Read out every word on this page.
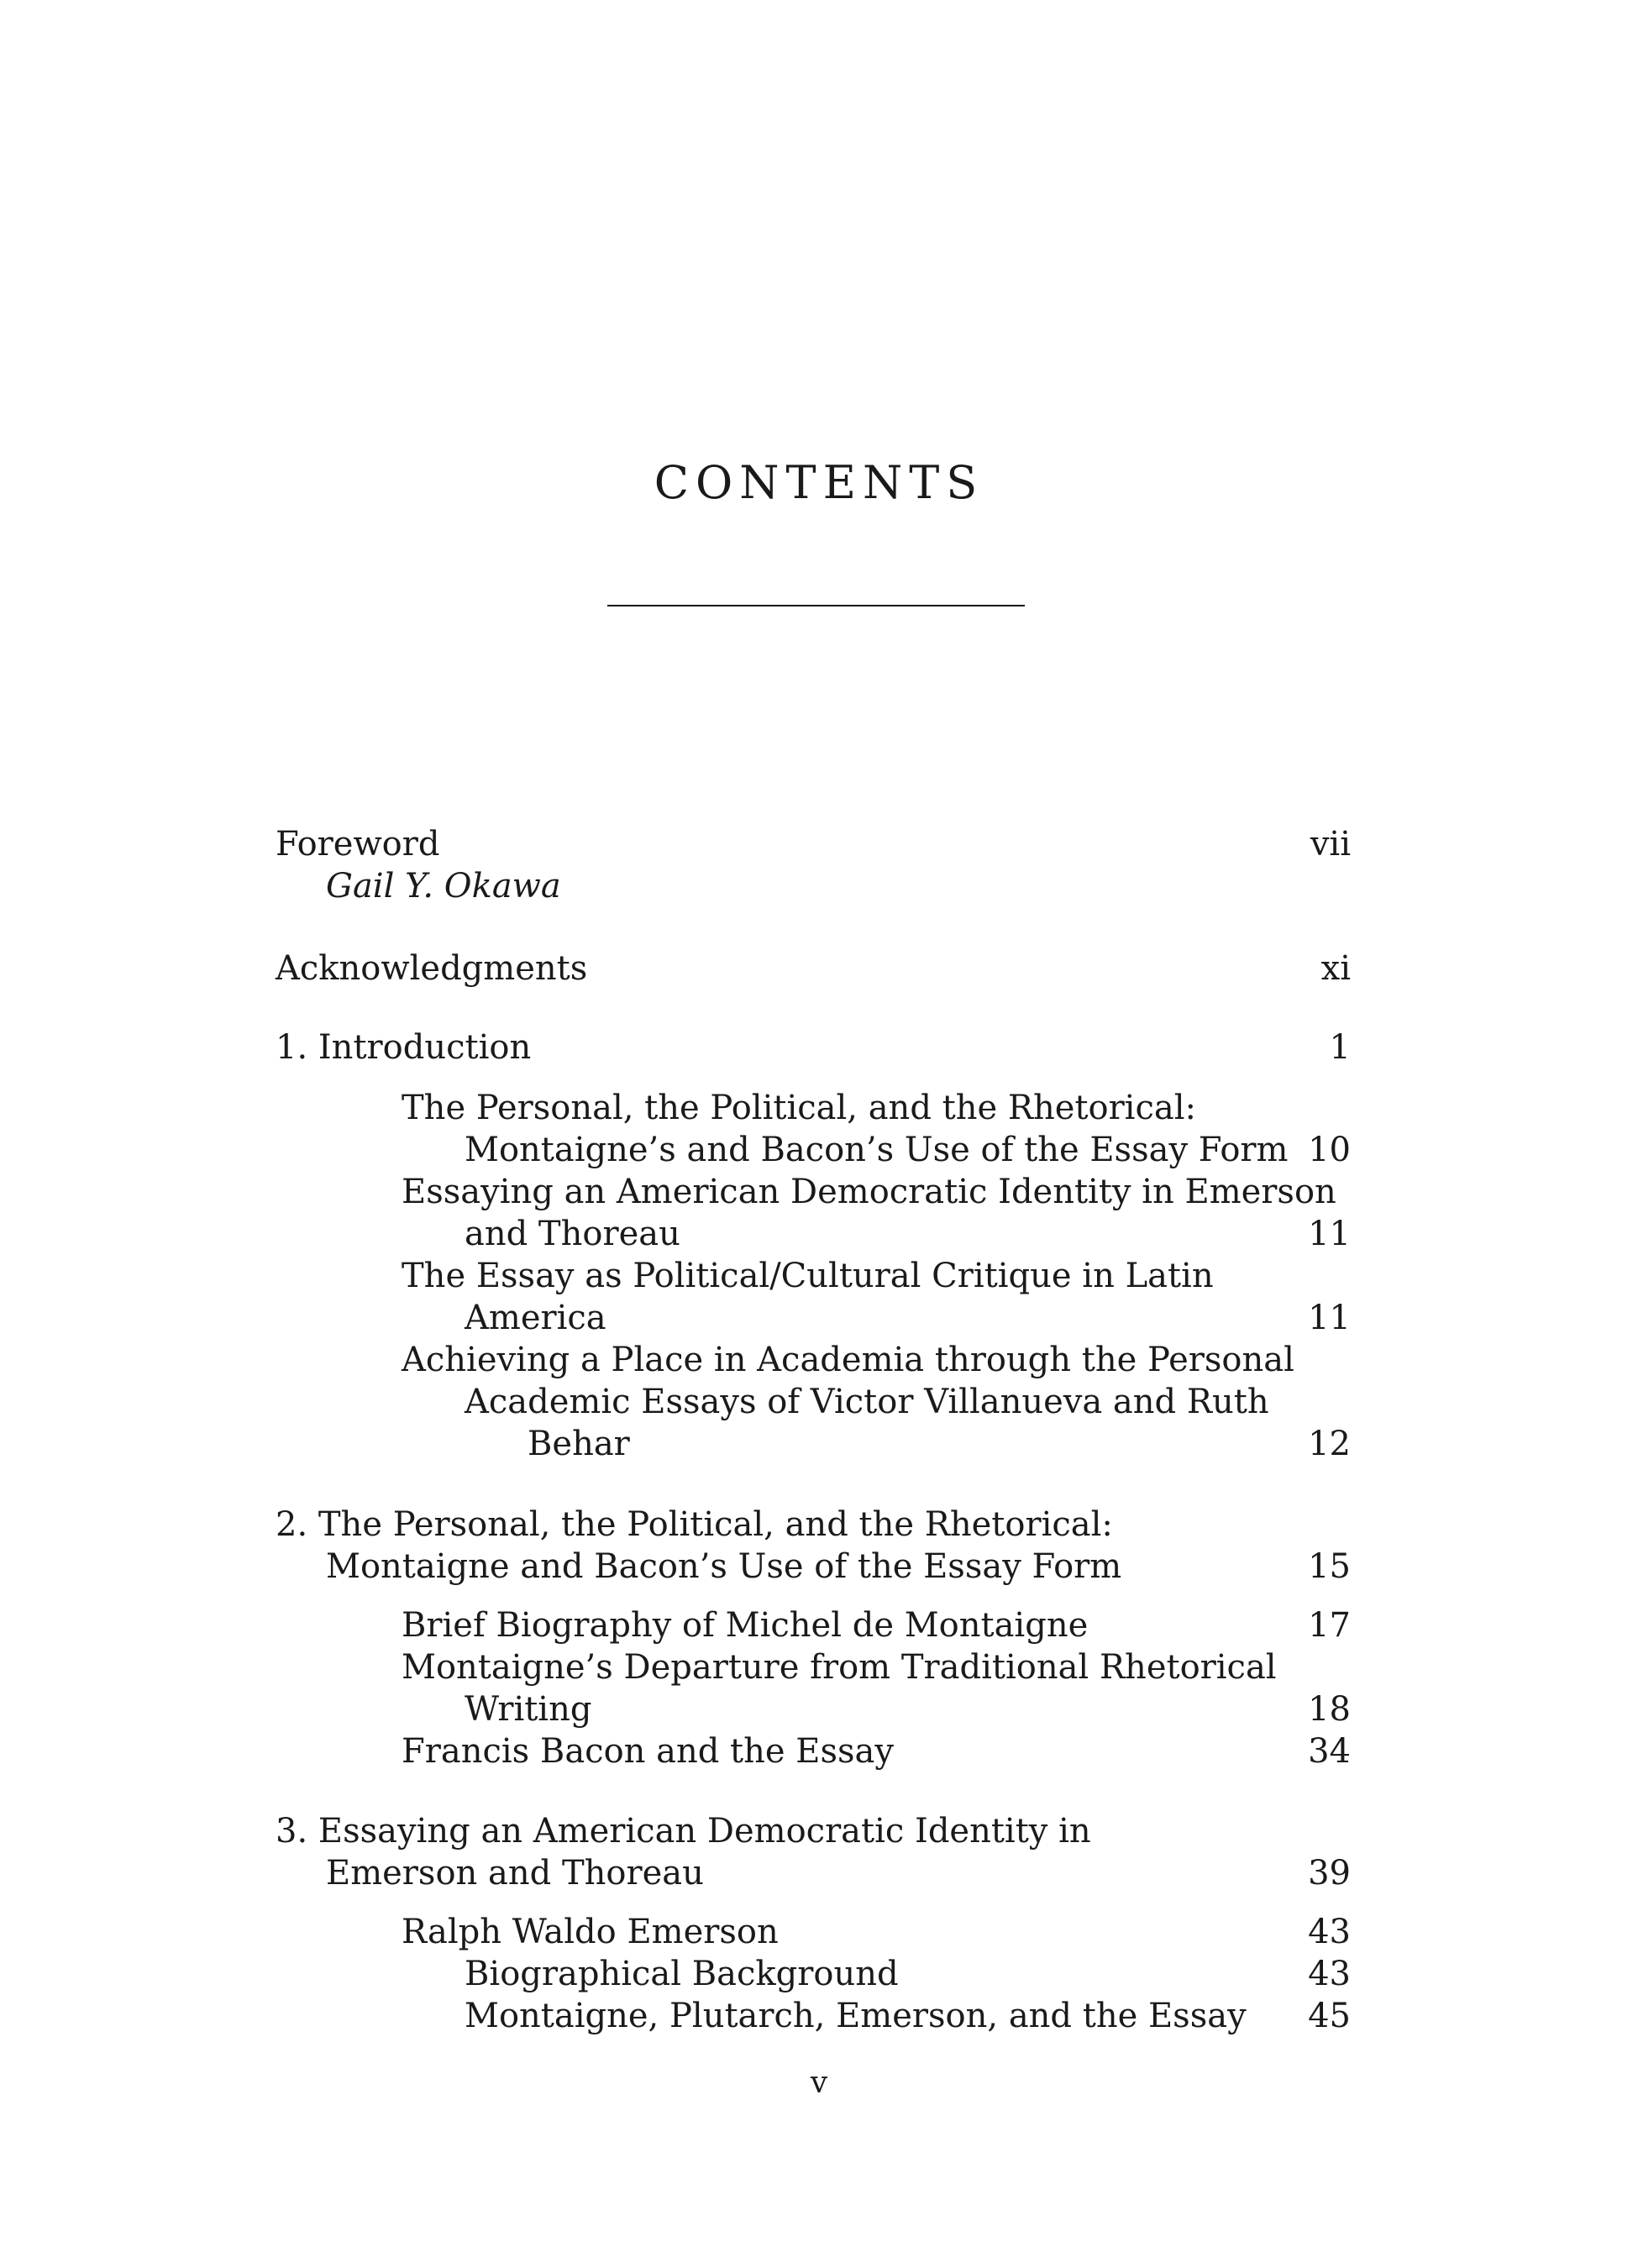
CONTENTS
Foreword	vii
Gail Y. Okawa
Acknowledgments	xi
1. Introduction	1
The Personal, the Political, and the Rhetorical:
Montaigne’s and Bacon’s Use of the Essay Form 10
Essaying an American Democratic Identity in Emerson
and Thoreau	11
The Essay as Political/Cultural Critique in Latin
America	11
Achieving a Place in Academia through the Personal
Academic Essays of Victor Villanueva and Ruth
Behar	12
2. The Personal, the Political, and the Rhetorical:
Montaigne and Bacon’s Use of the Essay Form	15
Brief Biography of Michel de Montaigne	17
Montaigne’s Departure from Traditional Rhetorical
Writing	18
Francis Bacon and the Essay	34
3. Essaying an American Democratic Identity in
Emerson and Thoreau	39
Ralph Waldo Emerson	43
Biographical Background	43
Montaigne, Plutarch, Emerson, and the Essay 45
v
